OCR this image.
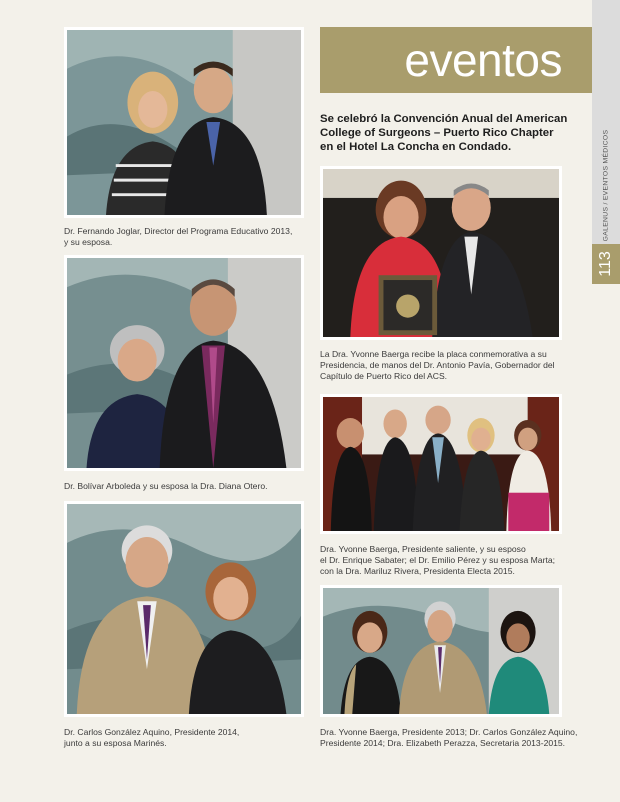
eventos

Se celebró la Convención Anual del American

College of Surgeons – Puerto Rico Chapter

en el Hotel La Concha en Condado.	GALENUS / EVENTOS MÉDICOS
113

Dr. Fernando Joglar, Director del Programa Educativo 2013,

y su esposa.

Dr. Bolívar Arboleda y su esposa la Dra. Diana Otero.

Dr. Carlos González Aquino, Presidente 2014,

junto a su esposa Marinés.

La Dra. Yvonne Baerga recibe la placa conmemorativa a su

Presidencia, de manos del Dr. Antonio Pavía, Gobernador del

Capítulo de Puerto Rico del ACS.

Dra. Yvonne Baerga, Presidente saliente, y su esposo

el Dr. Enrique Sabater; el Dr. Emilio Pérez y su esposa Marta;

con la Dra. Mariluz Rivera, Presidenta Electa 2015.

Dra. Yvonne Baerga, Presidente 2013; Dr. Carlos González Aquino,

Presidente 2014; Dra. Elizabeth Perazza, Secretaria 2013-2015.
